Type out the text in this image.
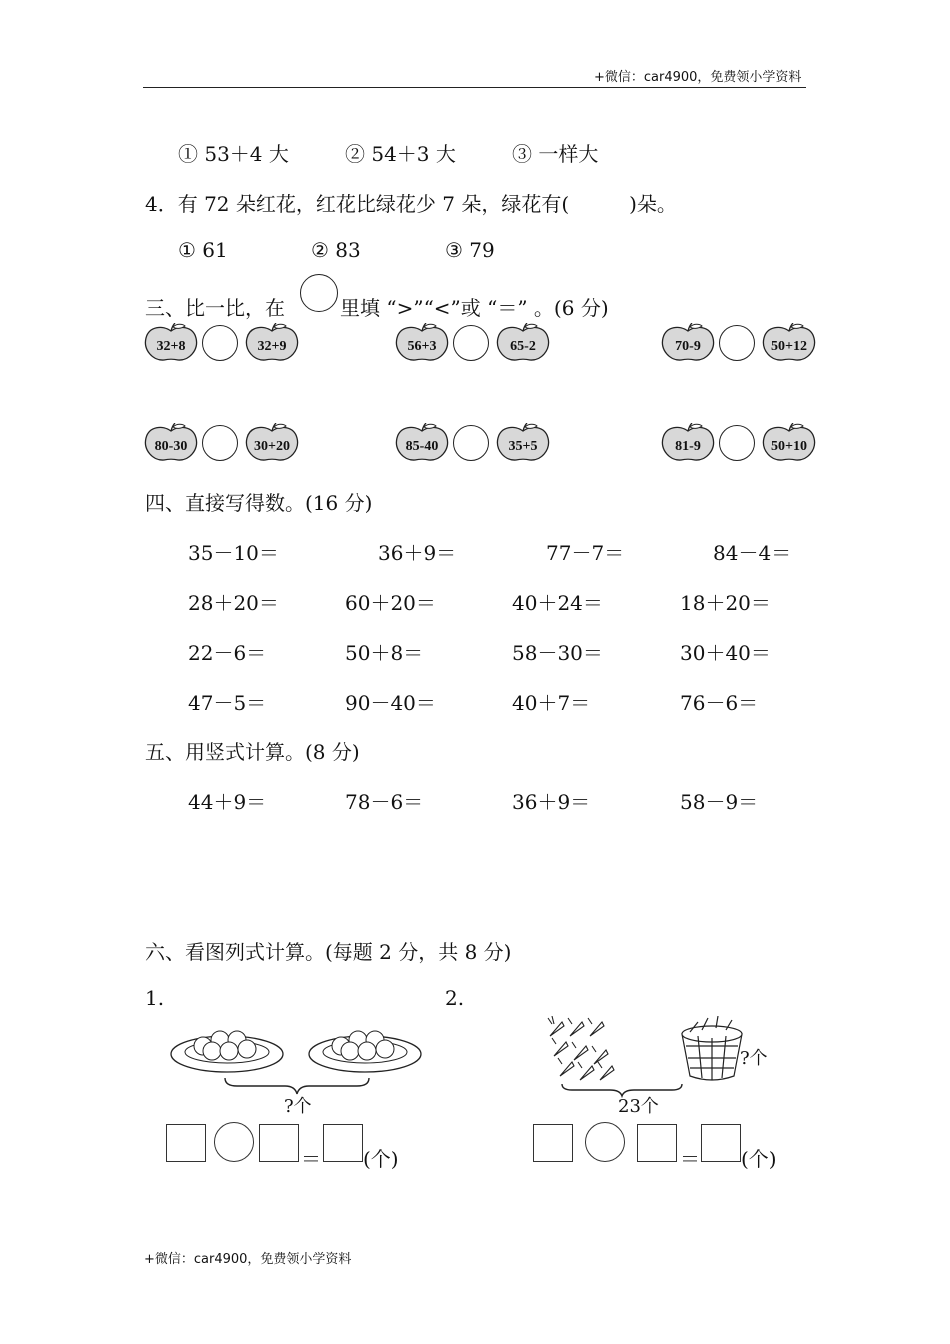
+微信：car4900，免费领小学资料
① 53＋4 大	② 54＋3 大	③ 一样大
4．有 72 朵红花，红花比绿花少 7 朵，绿花有(　　　)朵。
① 61	② 83	③ 79
三、比一比，在	里填 “>”“<”或 “＝” 。(6 分)
32+8	32+9	56+3	65-2	70-9	50+12
80-30	30+20	85-40	35+5	81-9	50+10
四、直接写得数。(16 分)
35－10＝	36＋9＝	77－7＝	84－4＝
28＋20＝	60＋20＝	40＋24＝	18＋20＝
22－6＝	50＋8＝	58－30＝	30＋40＝
47－5＝	90－40＝	40＋7＝	76－6＝
五、用竖式计算。(8 分)
44＋9＝	78－6＝	36＋9＝	58－9＝
六、看图列式计算。(每题 2 分，共 8 分)
1.	2.
?个
＝ (个)
?个
23个
＝ (个)
+微信：car4900，免费领小学资料
